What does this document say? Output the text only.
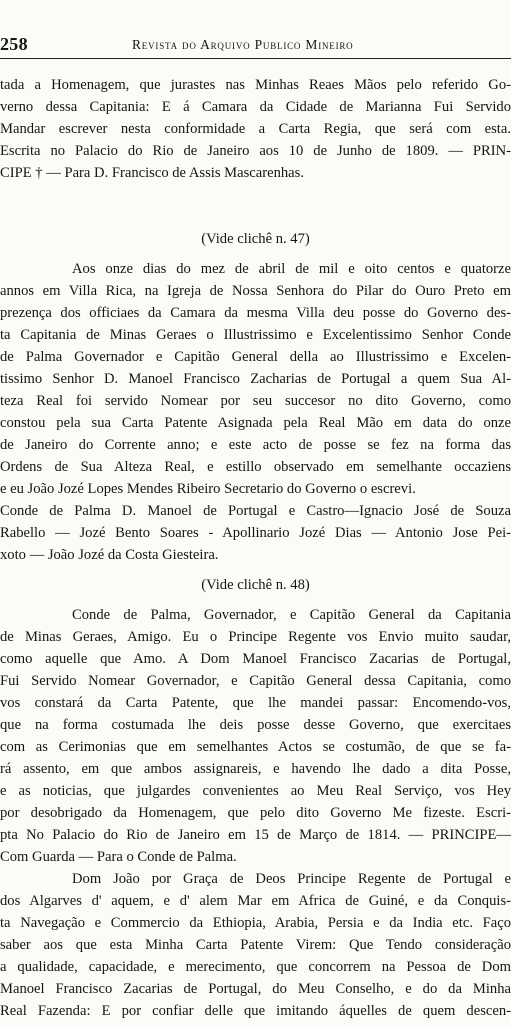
258	Revista do Arquivo Publico Mineiro
tada a Homenagem, que jurastes nas Minhas Reaes Mãos pelo referido Go-
verno dessa Capitania: E á Camara da Cidade de Marianna Fui Servido
Mandar escrever nesta conformidade a Carta Regia, que será com esta.
Escrita no Palacio do Rio de Janeiro aos 10 de Junho de 1809. — PRIN-
CIPE † — Para D. Francisco de Assis Mascarenhas.
(Vide clichê n. 47)
Aos onze dias do mez de abril de mil e oito centos e quatorze
annos em Villa Rica, na Igreja de Nossa Senhora do Pilar do Ouro Preto em
prezença dos officiaes da Camara da mesma Villa deu posse do Governo des-
ta Capitania de Minas Geraes o Illustrissimo e Excelentissimo Senhor Conde
de Palma Governador e Capitão General della ao Illustrissimo e Excelen-
tissimo Senhor D. Manoel Francisco Zacharias de Portugal a quem Sua Al-
teza Real foi servido Nomear por seu succesor no dito Governo, como
constou pela sua Carta Patente Asignada pela Real Mão em data do onze
de Janeiro do Corrente anno; e este acto de posse se fez na forma das
Ordens de Sua Alteza Real, e estillo observado em semelhante occaziens
e eu João Jozé Lopes Mendes Ribeiro Secretario do Governo o escrevi.
Conde de Palma D. Manoel de Portugal e Castro—Ignacio José de Souza
Rabello — Jozé Bento Soares - Apollinario Jozé Dias — Antonio Jose Pei-
xoto — João Jozé da Costa Giesteira.
(Vide clichê n. 48)
Conde de Palma, Governador, e Capitão General da Capitania
de Minas Geraes, Amigo. Eu o Principe Regente vos Envio muito saudar,
como aquelle que Amo. A Dom Manoel Francisco Zacarias de Portugal,
Fui Servido Nomear Governador, e Capitão General dessa Capitania, como
vos constará da Carta Patente, que lhe mandei passar: Encomendo-vos,
que na forma costumada lhe deis posse desse Governo, que exercitaes
com as Cerimonias que em semelhantes Actos se costumão, de que se fa-
rá assento, em que ambos assignareis, e havendo lhe dado a dita Posse,
e as noticias, que julgardes convenientes ao Meu Real Serviço, vos Hey
por desobrigado da Homenagem, que pelo dito Governo Me fizeste. Escri-
pta No Palacio do Rio de Janeiro em 15 de Março de 1814. — PRINCIPE—
Com Guarda — Para o Conde de Palma.
Dom João por Graça de Deos Principe Regente de Portugal e
dos Algarves d' aquem, e d' alem Mar em Africa de Guiné, e da Conquis-
ta Navegação e Commercio da Ethiopia, Arabia, Persia e da India etc. Faço
saber aos que esta Minha Carta Patente Virem: Que Tendo consideração
a qualidade, capacidade, e merecimento, que concorrem na Pessoa de Dom
Manoel Francisco Zacarias de Portugal, do Meu Conselho, e do da Minha
Real Fazenda: E por confiar delle que imitando áquelles de quem descen-
